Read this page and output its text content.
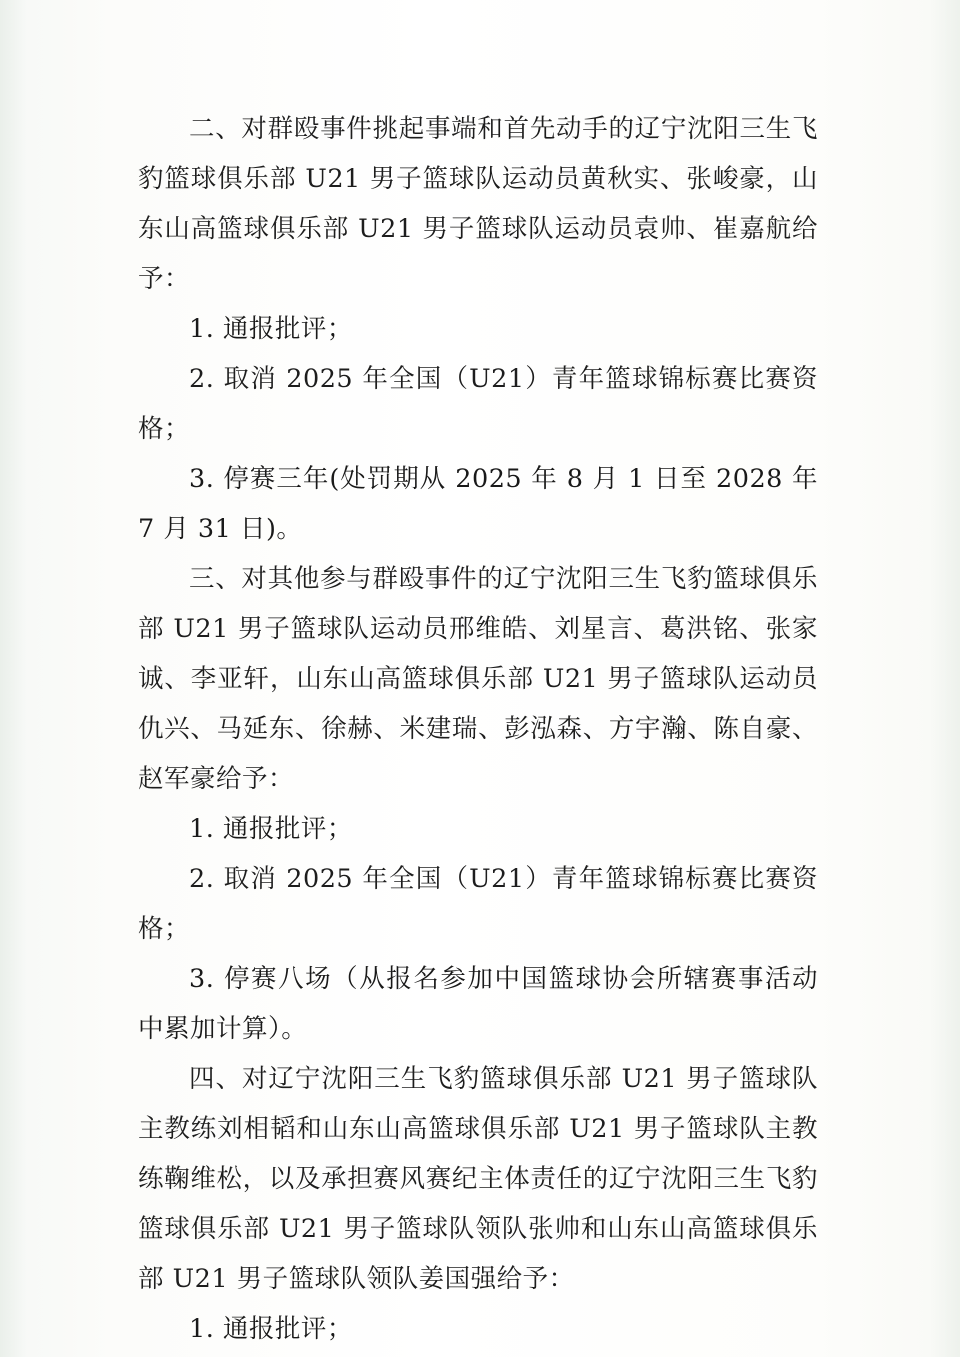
二、对群殴事件挑起事端和首先动手的辽宁沈阳三生飞豹篮球俱乐部 U21 男子篮球队运动员黄秋实、张峻豪，山东山高篮球俱乐部 U21 男子篮球队运动员袁帅、崔嘉航给予：

1. 通报批评；

2. 取消 2025 年全国（U21）青年篮球锦标赛比赛资格；

3. 停赛三年(处罚期从 2025 年 8 月 1 日至 2028 年 7 月 31 日)。

三、对其他参与群殴事件的辽宁沈阳三生飞豹篮球俱乐部 U21 男子篮球队运动员邢维皓、刘星言、葛洪铭、张家诚、李亚轩，山东山高篮球俱乐部 U21 男子篮球队运动员仇兴、马延东、徐赫、米建瑞、彭泓森、方宇瀚、陈自豪、赵军豪给予：

1. 通报批评；

2. 取消 2025 年全国（U21）青年篮球锦标赛比赛资格；

3. 停赛八场（从报名参加中国篮球协会所辖赛事活动中累加计算）。

四、对辽宁沈阳三生飞豹篮球俱乐部 U21 男子篮球队主教练刘相韬和山东山高篮球俱乐部 U21 男子篮球队主教练鞠维松，以及承担赛风赛纪主体责任的辽宁沈阳三生飞豹篮球俱乐部 U21 男子篮球队领队张帅和山东山高篮球俱乐部 U21 男子篮球队领队姜国强给予：

1. 通报批评；
